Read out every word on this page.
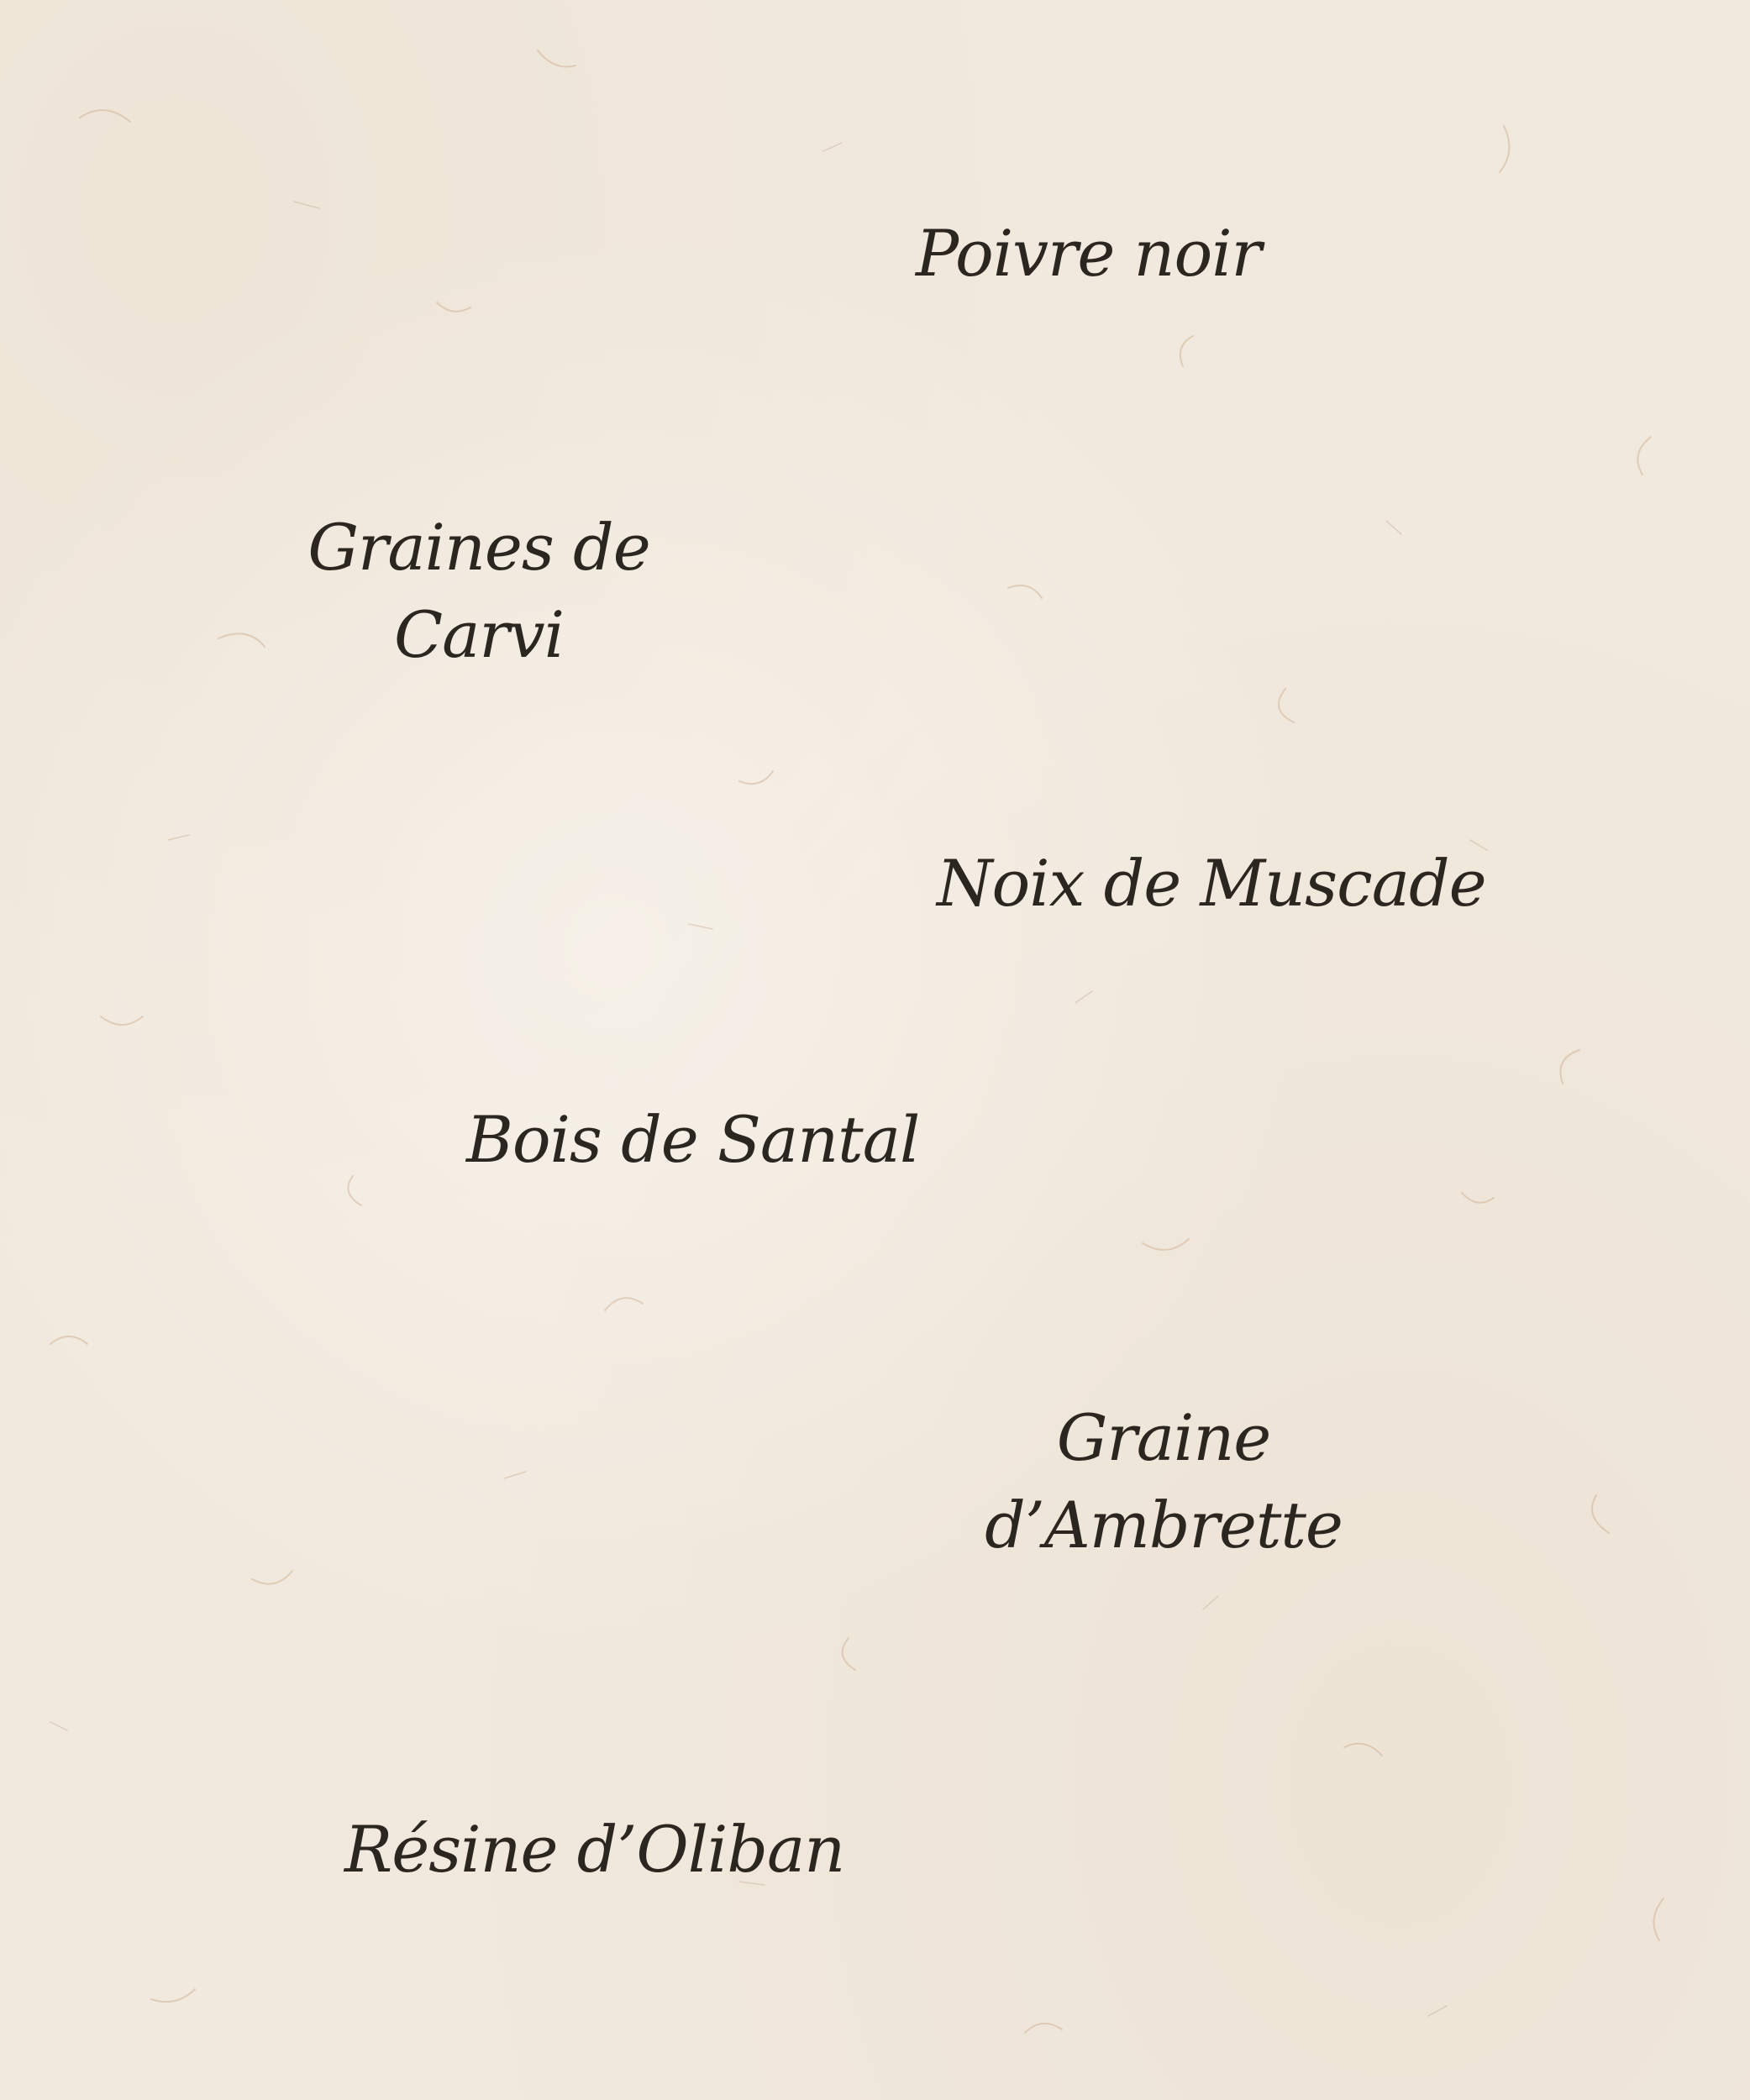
Poivre noir

Graines de
Carvi

Noix de Muscade

Bois de Santal

Graine
d’Ambrette

Résine d’Oliban
